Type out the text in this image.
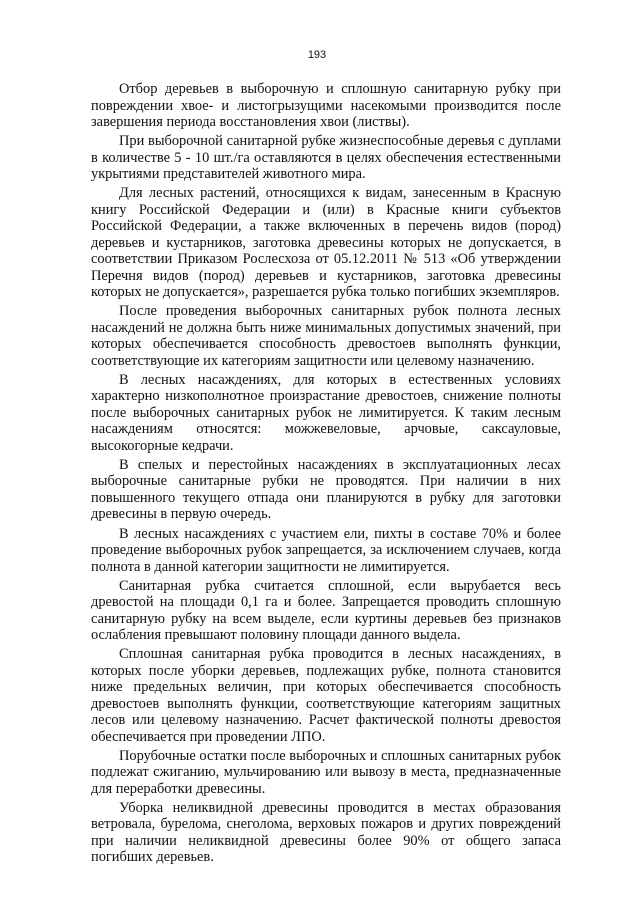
193

Отбор деревьев в выборочную и сплошную санитарную рубку при повреждении хвое- и листогрызущими насекомыми производится после завершения периода восстановления хвои (листвы).

При выборочной санитарной рубке жизнеспособные деревья с дуплами в количестве 5 - 10 шт./га оставляются в целях обеспечения естественными укрытиями представителей животного мира.

Для лесных растений, относящихся к видам, занесенным в Красную книгу Российской Федерации и (или) в Красные книги субъектов Российской Федерации, а также включенных в перечень видов (пород) деревьев и кустарников, заготовка древесины которых не допускается, в соответствии Приказом Рослесхоза от 05.12.2011 № 513 «Об утверждении Перечня видов (пород) деревьев и кустарников, заготовка древесины которых не допускается», разрешается рубка только погибших экземпляров.

После проведения выборочных санитарных рубок полнота лесных насаждений не должна быть ниже минимальных допустимых значений, при которых обеспечивается способность древостоев выполнять функции, соответствующие их категориям защитности или целевому назначению.

В лесных насаждениях, для которых в естественных условиях характерно низкополнотное произрастание древостоев, снижение полноты после выборочных санитарных рубок не лимитируется. К таким лесным насаждениям относятся: можжевеловые, арчовые, саксауловые, высокогорные кедрачи.

В спелых и перестойных насаждениях в эксплуатационных лесах выборочные санитарные рубки не проводятся. При наличии в них повышенного текущего отпада они планируются в рубку для заготовки древесины в первую очередь.

В лесных насаждениях с участием ели, пихты в составе 70% и более проведение выборочных рубок запрещается, за исключением случаев, когда полнота в данной категории защитности не лимитируется.

Санитарная рубка считается сплошной, если вырубается весь древостой на площади 0,1 га и более. Запрещается проводить сплошную санитарную рубку на всем выделе, если куртины деревьев без признаков ослабления превышают половину площади данного выдела.

Сплошная санитарная рубка проводится в лесных насаждениях, в которых после уборки деревьев, подлежащих рубке, полнота становится ниже предельных величин, при которых обеспечивается способность древостоев выполнять функции, соответствующие категориям защитных лесов или целевому назначению. Расчет фактической полноты древостоя обеспечивается при проведении ЛПО.

Порубочные остатки после выборочных и сплошных санитарных рубок подлежат сжиганию, мульчированию или вывозу в места, предназначенные для переработки древесины.

Уборка неликвидной древесины проводится в местах образования ветровала, бурелома, снеголома, верховых пожаров и других повреждений при наличии неликвидной древесины более 90% от общего запаса погибших деревьев.
